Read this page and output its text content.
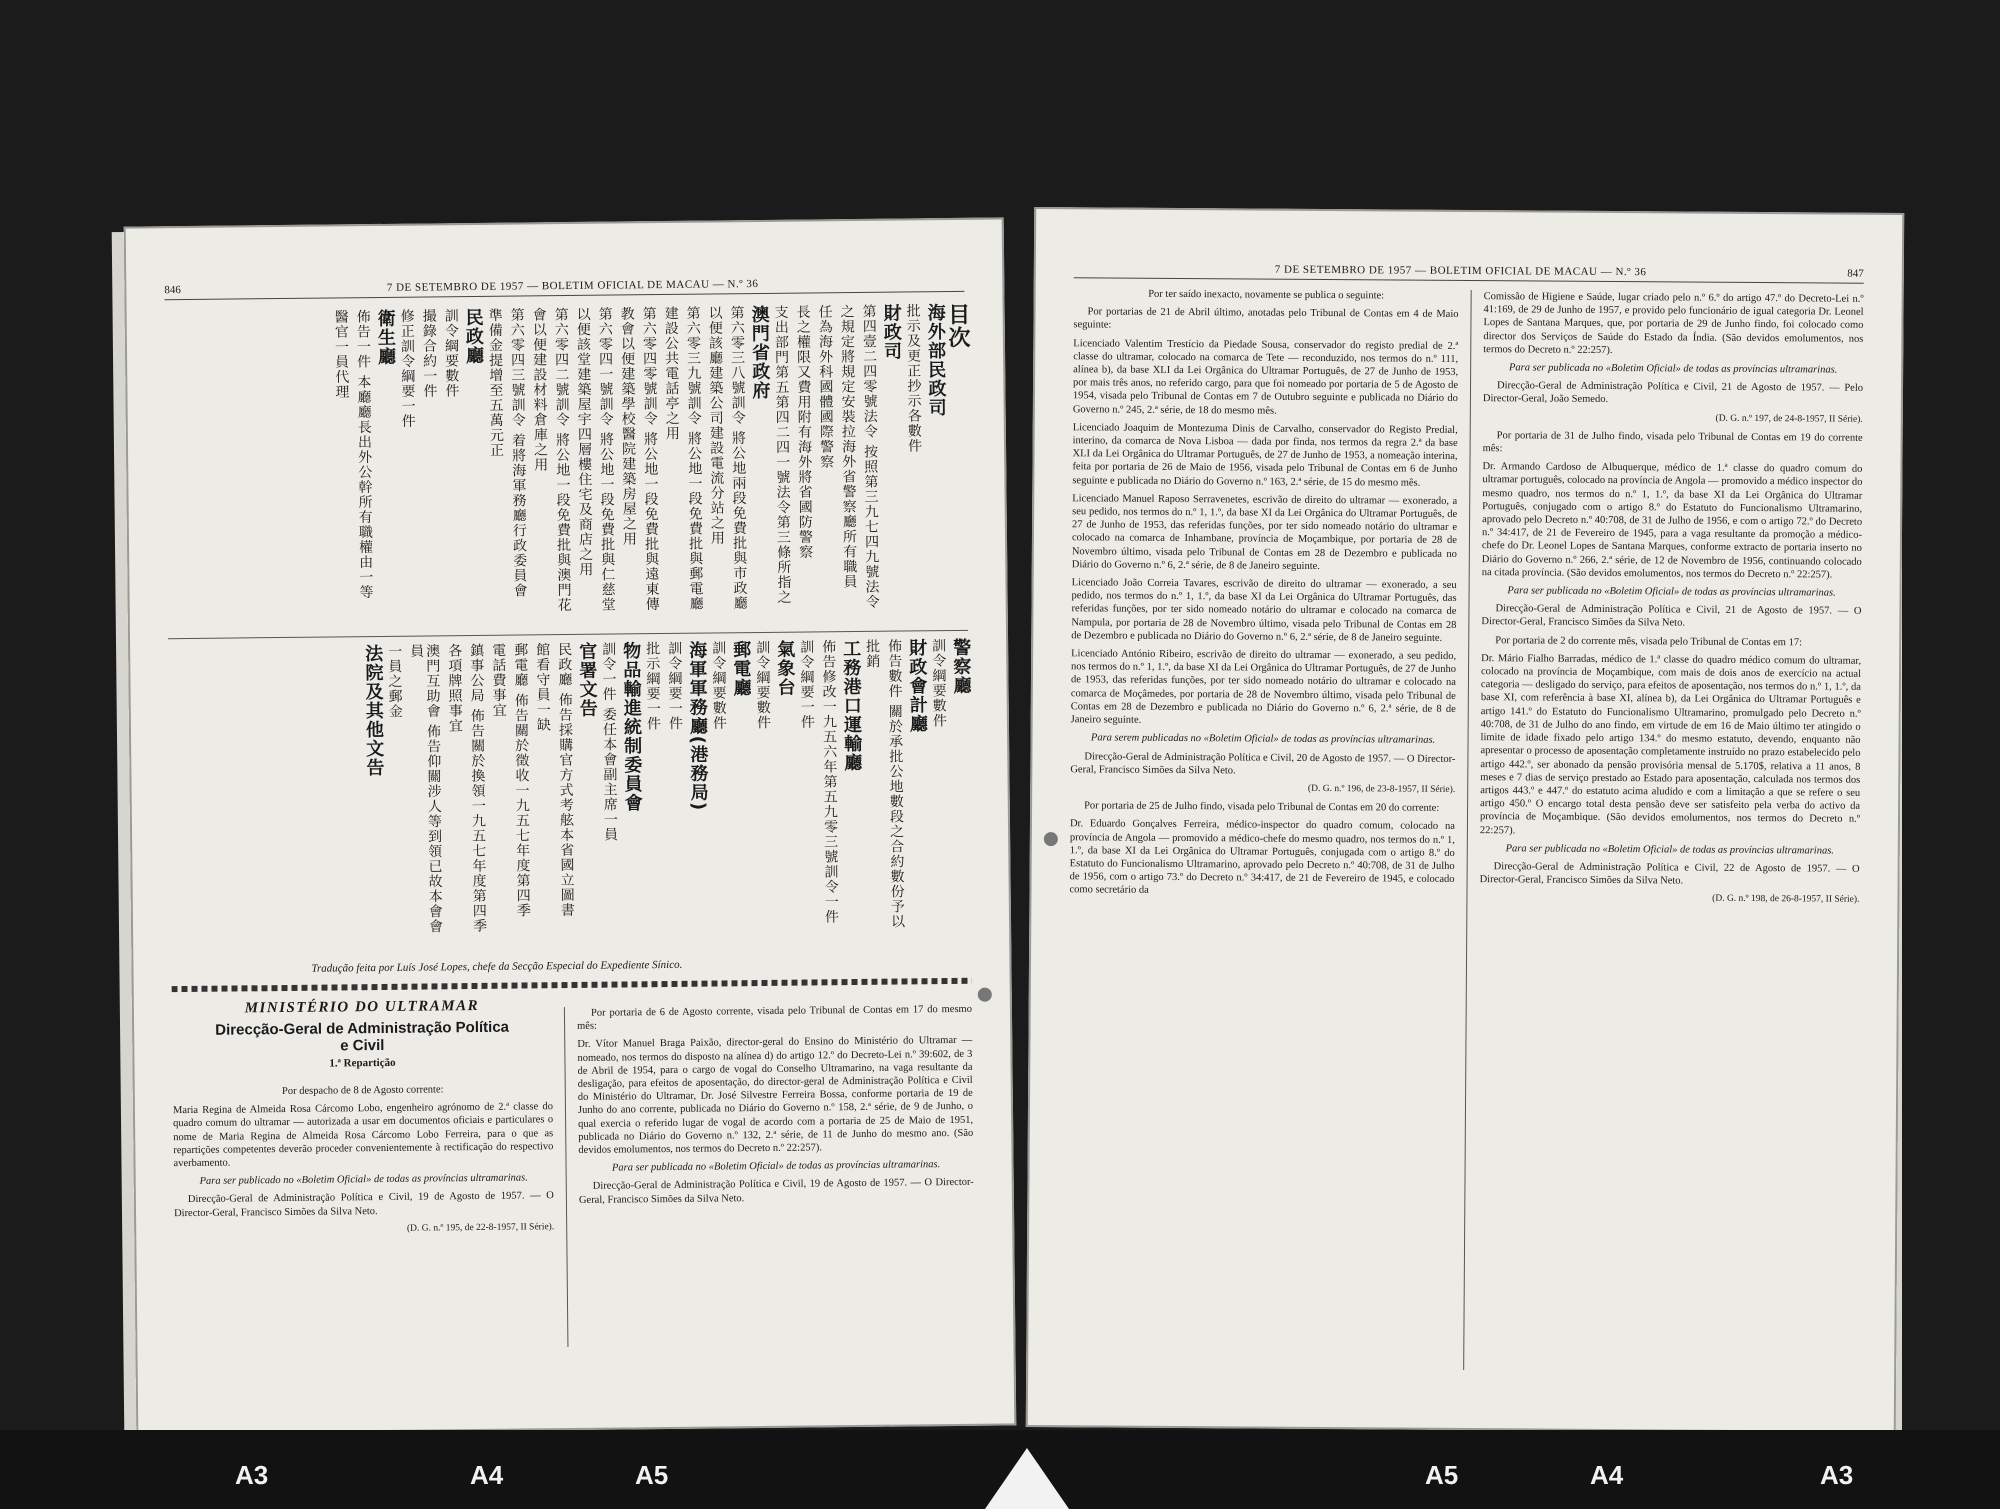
846	7 DE SETEMBRO DE 1957 — BOLETIM OFICIAL DE MACAU — N.º 36
目次
海外部民政司
批示及更正抄示各數件
財政司
第四壹二四零號法令 按照第三九七四九號法令
之規定將規定安裝拉海外省警察廳所有職員
任為海外科國體國際警察
長之權限又費用附有海外將省國防警察
支出部門第五第四二四一號法令第三條所指之
澳門省政府
第六零三八號訓令 將公地兩段免費批與市政廳
以便該廳建築公司建設電流分站之用
第六零三九號訓令 將公地一段免費批與郵電廳
建設公共電話亭之用
第六零四零號訓令 將公地一段免費批與遠東傳
教會以便建築學校醫院建築房屋之用
第六零四一號訓令 將公地一段免費批與仁慈堂
以便該堂建築屋宇四層樓住宅及商店之用
第六零四二號訓令 將公地一段免費批與澳門花
會以便建設材料倉庫之用
第六零四三號訓令 着將海軍務廳行政委員會
準備金提增至五萬元正
民政廳
訓令綱要數件
撮錄合約一件
修正訓令綱要一件
衛生廳
佈告一件 本廳廳長出外公幹所有職權由一等
醫官一員代理
警察廳
訓令綱要數件
財政會計廳
佈告數件 關於承批公地數段之合約數份予以
批銷
工務港口運輸廳
佈告修改一九五六年第五九零三號訓令一件
訓令綱要一件
氣象台
訓令綱要數件
郵電廳
訓令綱要數件
海軍軍務廳(港務局)
訓令綱要一件
批示綱要一件
物品輸進統制委員會
訓令一件 委任本會副主席一員
官署文告
民政廳 佈告採購官方式考舷本省國立圖書
館看守員一缺
郵電廳 佈告關於徵收一九五七年度第四季
電話費事宜
鎮事公局 佈告關於換領一九五七年度第四季
各項牌照事宜
澳門互助會 佈告仰關涉人等到領已故本會會員
一員之郵金
法院及其他文告
Tradução feita por Luís José Lopes, chefe da Secção Especial do Expediente Sínico.
MINISTÉRIO DO ULTRAMAR
Direcção-Geral de Administração Política
e Civil
1.ª Repartição

Por despacho de 8 de Agosto corrente:

Maria Regina de Almeida Rosa Cárcomo Lobo, engenheiro agrónomo de 2.ª classe do quadro comum do ultramar — autorizada a usar em documentos oficiais e particulares o nome de Maria Regina de Almeida Rosa Cárcomo Lobo Ferreira, para o que as repartições competentes deverão proceder convenientemente à rectificação do respectivo averbamento.

Para ser publicado no «Boletim Oficial» de todas as províncias ultramarinas.

Direcção-Geral de Administração Política e Civil, 19 de Agosto de 1957. — O Director-Geral, Francisco Simões da Silva Neto.

(D. G. n.º 195, de 22-8-1957, II Série).

Por portaria de 6 de Agosto corrente, visada pelo Tribunal de Contas em 17 do mesmo mês:

Dr. Vítor Manuel Braga Paixão, director-geral do Ensino do Ministério do Ultramar — nomeado, nos termos do disposto na alínea d) do artigo 12.º do Decreto-Lei n.º 39:602, de 3 de Abril de 1954, para o cargo de vogal do Conselho Ultramarino, na vaga resultante da desligação, para efeitos de aposentação, do director-geral de Administração Política e Civil do Ministério do Ultramar, Dr. José Silvestre Ferreira Bossa, conforme portaria de 19 de Junho do ano corrente, publicada no Diário do Governo n.º 158, 2.ª série, de 9 de Junho, o qual exercia o referido lugar de vogal de acordo com a portaria de 25 de Maio de 1951, publicada no Diário do Governo n.º 132, 2.ª série, de 11 de Junho do mesmo ano. (São devidos emolumentos, nos termos do Decreto n.º 22:257).

Para ser publicada no «Boletim Oficial» de todas as províncias ultramarinas.

Direcção-Geral de Administração Política e Civil, 19 de Agosto de 1957. — O Director-Geral, Francisco Simões da Silva Neto.

7 DE SETEMBRO DE 1957 — BOLETIM OFICIAL DE MACAU — N.º 36	847

Por ter saído inexacto, novamente se publica o seguinte:

Por portarias de 21 de Abril último, anotadas pelo Tribunal de Contas em 4 de Maio seguinte:

Licenciado Valentim Trestício da Piedade Sousa, conservador do registo predial de 2.ª classe do ultramar, colocado na comarca de Tete — reconduzido, nos termos do n.º 111, alínea b), da base XLI da Lei Orgânica do Ultramar Português, de 27 de Junho de 1953, por mais três anos, no referido cargo, para que foi nomeado por portaria de 5 de Agosto de 1954, visada pelo Tribunal de Contas em 7 de Outubro seguinte e publicada no Diário do Governo n.º 245, 2.ª série, de 18 do mesmo mês.

Licenciado Joaquim de Montezuma Dinis de Carvalho, conservador do Registo Predial, interino, da comarca de Nova Lisboa — dada por finda, nos termos da regra 2.ª da base XLI da Lei Orgânica do Ultramar Português, de 27 de Junho de 1953, a nomeação interina, feita por portaria de 26 de Maio de 1956, visada pelo Tribunal de Contas em 6 de Junho seguinte e publicada no Diário do Governo n.º 163, 2.ª série, de 15 do mesmo mês.

Licenciado Manuel Raposo Serravenetes, escrivão de direito do ultramar — exonerado, a seu pedido, nos termos do n.º 1, 1.º, da base XI da Lei Orgânica do Ultramar Português, de 27 de Junho de 1953, das referidas funções, por ter sido nomeado notário do ultramar e colocado na comarca de Inhambane, província de Moçambique, por portaria de 28 de Novembro último, visada pelo Tribunal de Contas em 28 de Dezembro e publicada no Diário do Governo n.º 6, 2.ª série, de 8 de Janeiro seguinte.

Licenciado João Correia Tavares, escrivão de direito do ultramar — exonerado, a seu pedido, nos termos do n.º 1, 1.º, da base XI da Lei Orgânica do Ultramar Português, das referidas funções, por ter sido nomeado notário do ultramar e colocado na comarca de Nampula, por portaria de 28 de Novembro último, visada pelo Tribunal de Contas em 28 de Dezembro e publicada no Diário do Governo n.º 6, 2.ª série, de 8 de Janeiro seguinte.

Licenciado António Ribeiro, escrivão de direito do ultramar — exonerado, a seu pedido, nos termos do n.º 1, 1.º, da base XI da Lei Orgânica do Ultramar Português, de 27 de Junho de 1953, das referidas funções, por ter sido nomeado notário do ultramar e colocado na comarca de Moçâmedes, por portaria de 28 de Novembro último, visada pelo Tribunal de Contas em 28 de Dezembro e publicada no Diário do Governo n.º 6, 2.ª série, de 8 de Janeiro seguinte.

Para serem publicadas no «Boletim Oficial» de todas as províncias ultramarinas.

Direcção-Geral de Administração Política e Civil, 20 de Agosto de 1957. — O Director-Geral, Francisco Simões da Silva Neto.

(D. G. n.º 196, de 23-8-1957, II Série).

Por portaria de 25 de Julho findo, visada pelo Tribunal de Contas em 20 do corrente:

Dr. Eduardo Gonçalves Ferreira, médico-inspector do quadro comum, colocado na província de Angola — promovido a médico-chefe do mesmo quadro, nos termos do n.º 1, 1.º, da base XI da Lei Orgânica do Ultramar Português, conjugada com o artigo 8.º do Estatuto do Funcionalismo Ultramarino, aprovado pelo Decreto n.º 40:708, de 31 de Julho de 1956, com o artigo 73.º do Decreto n.º 34:417, de 21 de Fevereiro de 1945, e colocado como secretário da

Comissão de Higiene e Saúde, lugar criado pelo n.º 6.º do artigo 47.º do Decreto-Lei n.º 41:169, de 29 de Junho de 1957, e provido pelo funcionário de igual categoria Dr. Leonel Lopes de Santana Marques, que, por portaria de 29 de Junho findo, foi colocado como director dos Serviços de Saúde do Estado da Índia. (São devidos emolumentos, nos termos do Decreto n.º 22:257).

Para ser publicada no «Boletim Oficial» de todas as províncias ultramarinas.

Direcção-Geral de Administração Política e Civil, 21 de Agosto de 1957. — Pelo Director-Geral, João Semedo.

(D. G. n.º 197, de 24-8-1957, II Série).

Por portaria de 31 de Julho findo, visada pelo Tribunal de Contas em 19 do corrente mês:

Dr. Armando Cardoso de Albuquerque, médico de 1.ª classe do quadro comum do ultramar português, colocado na província de Angola — promovido a médico inspector do mesmo quadro, nos termos do n.º 1, 1.º, da base XI da Lei Orgânica do Ultramar Português, conjugado com o artigo 8.º do Estatuto do Funcionalismo Ultramarino, aprovado pelo Decreto n.º 40:708, de 31 de Julho de 1956, e com o artigo 72.º do Decreto n.º 34:417, de 21 de Fevereiro de 1945, para a vaga resultante da promoção a médico-chefe do Dr. Leonel Lopes de Santana Marques, conforme extracto de portaria inserto no Diário do Governo n.º 266, 2.ª série, de 12 de Novembro de 1956, continuando colocado na citada província. (São devidos emolumentos, nos termos do Decreto n.º 22:257).

Para ser publicada no «Boletim Oficial» de todas as províncias ultramarinas.

Direcção-Geral de Administração Política e Civil, 21 de Agosto de 1957. — O Director-Geral, Francisco Simões da Silva Neto.

Por portaria de 2 do corrente mês, visada pelo Tribunal de Contas em 17:

Dr. Mário Fialho Barradas, médico de 1.ª classe do quadro médico comum do ultramar, colocado na província de Moçambique, com mais de dois anos de exercício na actual categoria — desligado do serviço, para efeitos de aposentação, nos termos do n.º 1, 1.º, da base XI, com referência à base XI, alínea b), da Lei Orgânica do Ultramar Português e artigo 141.º do Estatuto do Funcionalismo Ultramarino, promulgado pelo Decreto n.º 40:708, de 31 de Julho do ano findo, em virtude de em 16 de Maio último ter atingido o limite de idade fixado pelo artigo 134.º do mesmo estatuto, devendo, enquanto não apresentar o processo de aposentação completamente instruído no prazo estabelecido pelo artigo 442.º, ser abonado da pensão provisória mensal de 5.170$, relativa a 11 anos, 8 meses e 7 dias de serviço prestado ao Estado para aposentação, calculada nos termos dos artigos 443.º e 447.º do estatuto acima aludido e com a limitação a que se refere o seu artigo 450.º O encargo total desta pensão deve ser satisfeito pela verba do activo da província de Moçambique. (São devidos emolumentos, nos termos do Decreto n.º 22:257).

Para ser publicada no «Boletim Oficial» de todas as províncias ultramarinas.

Direcção-Geral de Administração Política e Civil, 22 de Agosto de 1957. — O Director-Geral, Francisco Simões da Silva Neto.

(D. G. n.º 198, de 26-8-1957, II Série).

A3	A4	A5	A5	A4	A3
